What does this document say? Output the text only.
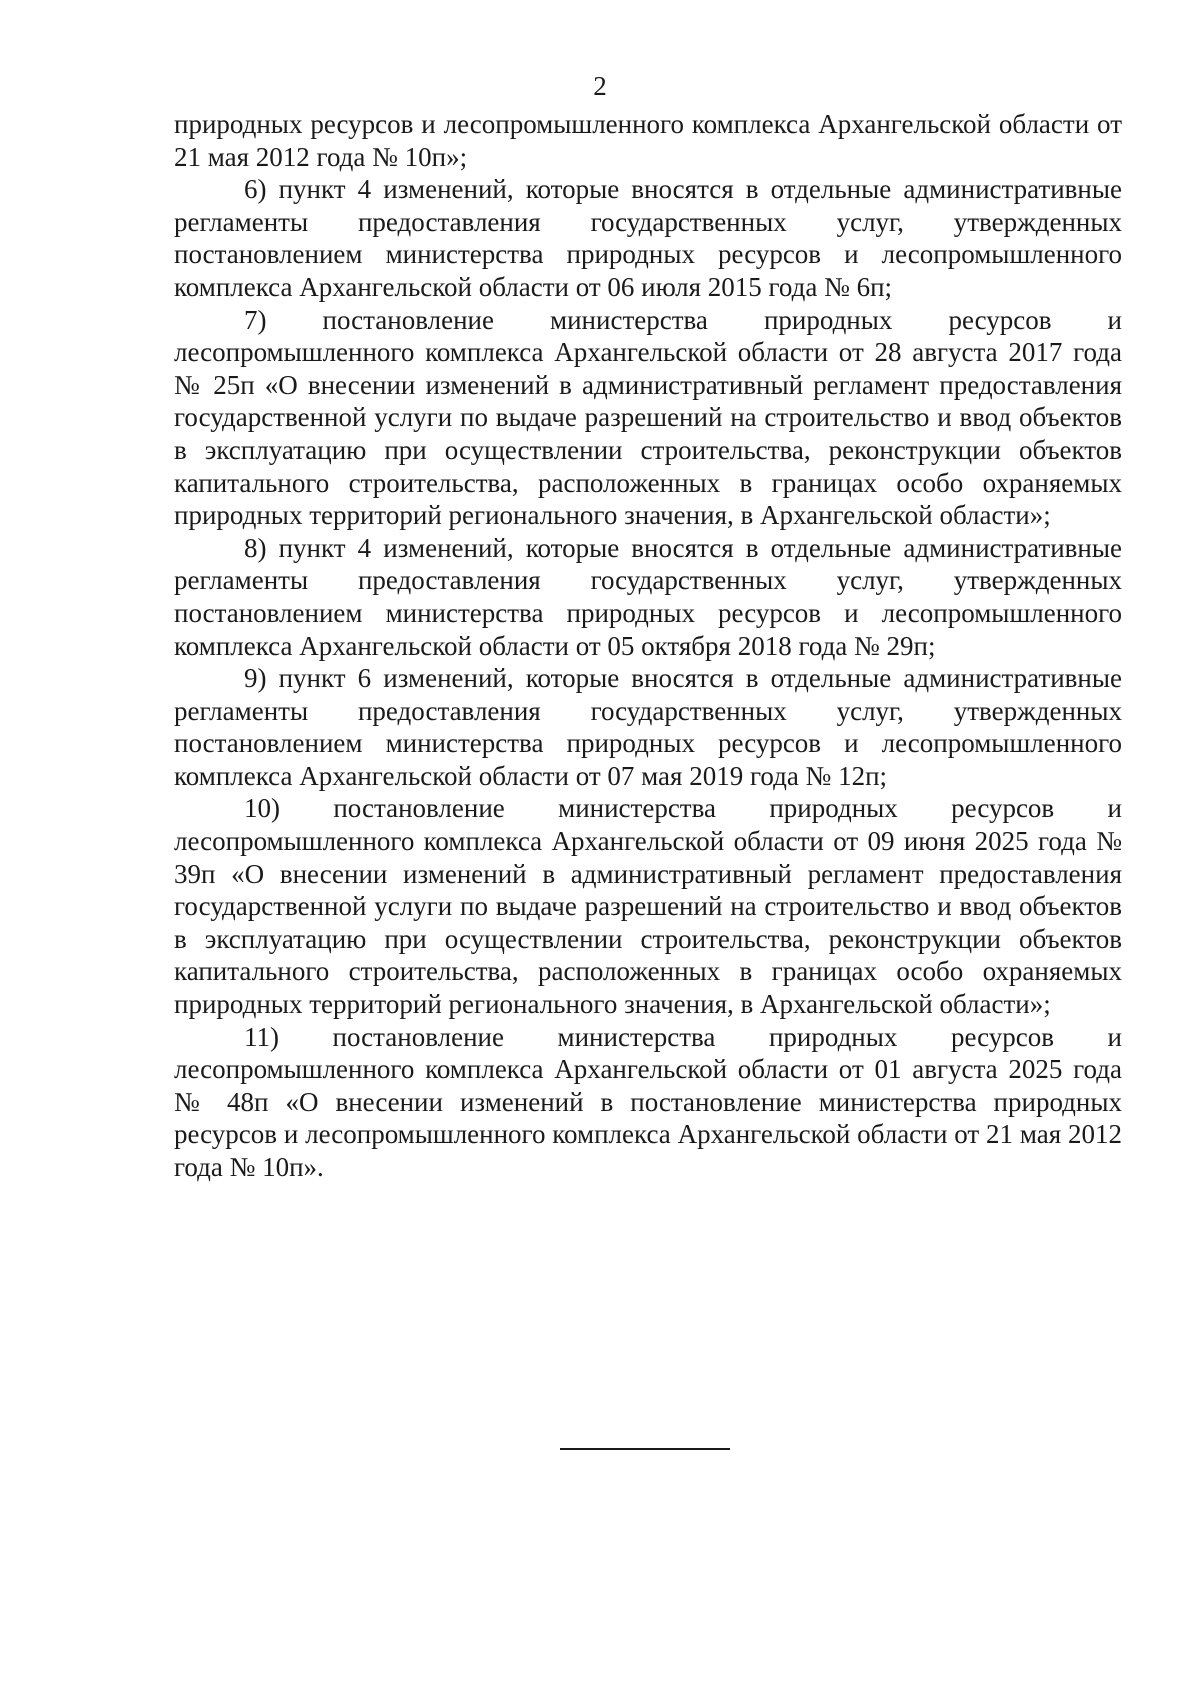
2

природных ресурсов и лесопромышленного комплекса Архангельской области от 21 мая 2012 года № 10п»;

6) пункт 4 изменений, которые вносятся в отдельные административные регламенты предоставления государственных услуг, утвержденных постановлением министерства природных ресурсов и лесопромышленного комплекса Архангельской области от 06 июля 2015 года № 6п;

7) постановление министерства природных ресурсов и лесопромышленного комплекса Архангельской области от 28 августа 2017 года № 25п «О внесении изменений в административный регламент предоставления государственной услуги по выдаче разрешений на строительство и ввод объектов в эксплуатацию при осуществлении строительства, реконструкции объектов капитального строительства, расположенных в границах особо охраняемых природных территорий регионального значения, в Архангельской области»;

8) пункт 4 изменений, которые вносятся в отдельные административные регламенты предоставления государственных услуг, утвержденных постановлением министерства природных ресурсов и лесопромышленного комплекса Архангельской области от 05 октября 2018 года № 29п;

9) пункт 6 изменений, которые вносятся в отдельные административные регламенты предоставления государственных услуг, утвержденных постановлением министерства природных ресурсов и лесопромышленного комплекса Архангельской области от 07 мая 2019 года № 12п;

10) постановление министерства природных ресурсов и лесопромышленного комплекса Архангельской области от 09 июня 2025 года № 39п «О внесении изменений в административный регламент предоставления государственной услуги по выдаче разрешений на строительство и ввод объектов в эксплуатацию при осуществлении строительства, реконструкции объектов капитального строительства, расположенных в границах особо охраняемых природных территорий регионального значения, в Архангельской области»;

11) постановление министерства природных ресурсов и лесопромышленного комплекса Архангельской области от 01 августа 2025 года № 48п «О внесении изменений в постановление министерства природных ресурсов и лесопромышленного комплекса Архангельской области от 21 мая 2012 года № 10п».
